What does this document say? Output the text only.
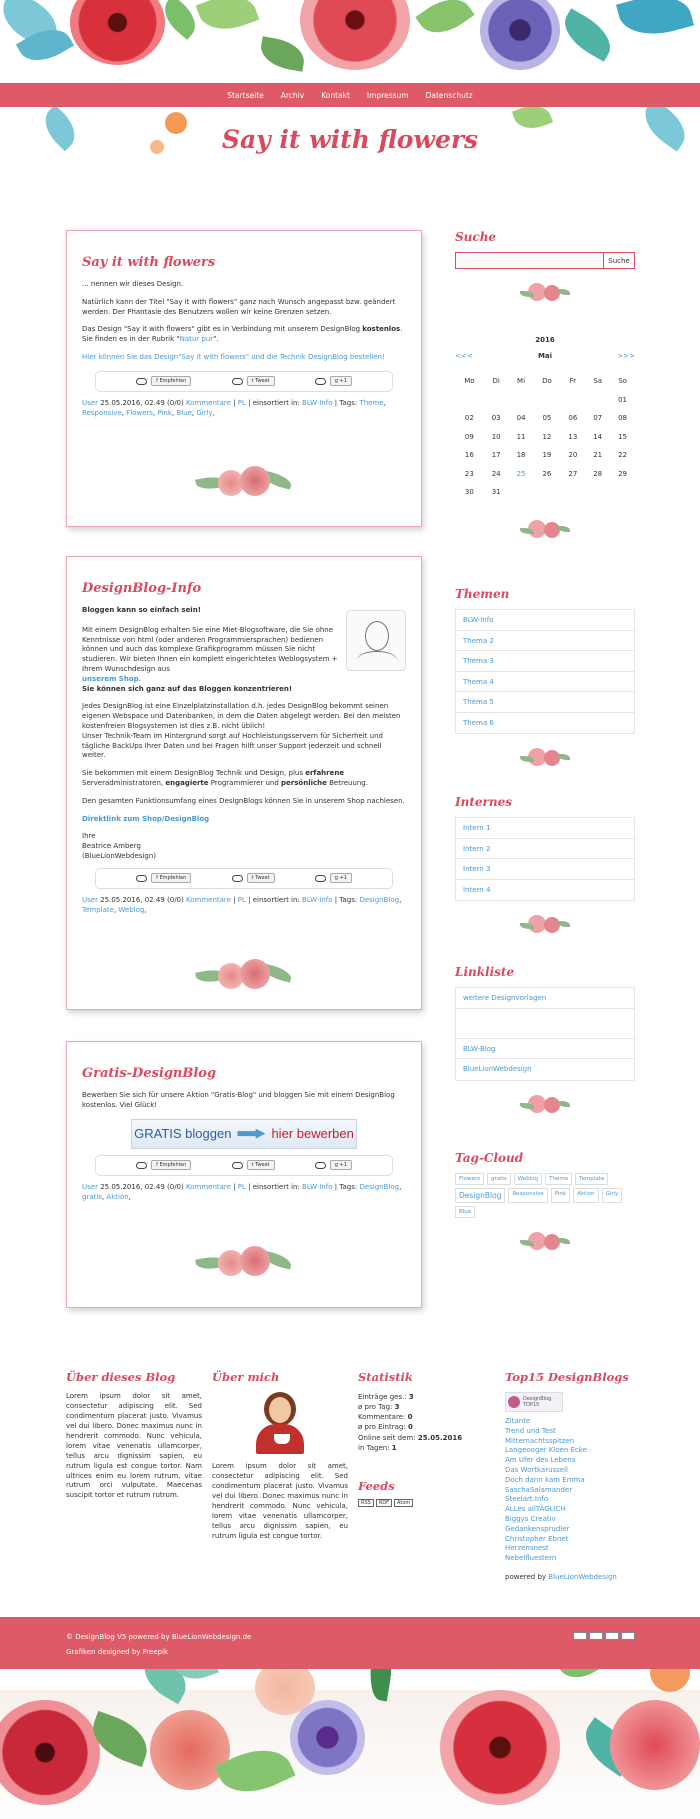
Startseite Archiv Kontakt Impressum Datenschutz
Say it with flowers
Say it with flowers

... nennen wir dieses Design.

Natürlich kann der Titel "Say it with flowers" ganz nach Wunsch angepasst bzw. geändert werden. Der Phantasie des Benutzers wollen wir keine Grenzen setzen.

Das Design "Say it with flowers" gibt es in Verbindung mit unserem DesignBlog kostenlos. Sie finden es in der Rubrik "Natur pur".

Hier können Sie das Design"Say it with flowers" und die Technik DesignBlog bestellen!

f Empfehlen	t Tweet	g +1
User 25.05.2016, 02.49 (0/0) Kommentare | PL | einsortiert in: BLW-Info | Tags: Theme, Responsive, Flowers, Pink, Blue, Girly,
DesignBlog-Info

Bloggen kann so einfach sein!

Mit einem DesignBlog erhalten Sie eine Miet-Blogsoftware, die Sie ohne Kenntnisse von html (oder anderen Programmiersprachen) bedienen können und auch das komplexe Grafikprogramm müssen Sie nicht studieren. Wir bieten Ihnen ein komplett eingerichtetes Weblogsystem + Ihrem Wunschdesign aus
unserem Shop.

Sie können sich ganz auf das Bloggen konzentrieren!

Jedes DesignBlog ist eine Einzelplatzinstallation d.h. jedes DesignBlog bekommt seinen eigenen Webspace und Datenbanken, in dem die Daten abgelegt werden. Bei den meisten kostenfreien Blogsystemen ist dies z.B. nicht üblich!

Unser Technik-Team im Hintergrund sorgt auf Hochleistungsservern für Sicherheit und tägliche BackUps Ihrer Daten und bei Fragen hilft unser Support jederzeit und schnell weiter.

Sie bekommen mit einem DesignBlog Technik und Design, plus erfahrene Serveradministratoren, engagierte Programmierer und persönliche Betreuung.

Den gesamten Funktionsumfang eines DesignBlogs können Sie in unserem Shop nachlesen.

Direktlink zum Shop/DesignBlog

Ihre
Beatrice Amberg
(BlueLionWebdesign)

f Empfehlen	t Tweet	g +1
User 25.05.2016, 02.49 (0/0) Kommentare | PL | einsortiert in: BLW-Info | Tags: DesignBlog, Template, Weblog,
Gratis-DesignBlog

Bewerben Sie sich für unsere Aktion "Gratis-Blog" und bloggen Sie mit einem DesignBlog kostenlos. Viel Glück!

GRATIS bloggen	hier bewerben
f Empfehlen	t Tweet	g +1
User 25.05.2016, 02.49 (0/0) Kommentare | PL | einsortiert in: BLW-Info | Tags: DesignBlog, gratis, Aktion,
Suche
Suche
2016
<<<	Mai	>>>
Mo	Di	Mi	Do	Fr	Sa	So
						01
02	03	04	05	06	07	08
09	10	11	12	13	14	15
16	17	18	19	20	21	22
23	24	25	26	27	28	29
30	31					
Themen
BLW-Info
Thema 2
Thema 3
Thema 4
Thema 5
Thema 6
Internes
Intern 1
Intern 2
Intern 3
Intern 4
Linkliste
weitere Designvorlagen
BLW-Blog
BlueLionWebdesign
Tag-Cloud
Flowers	gratis	Weblog	Theme	Template
DesignBlog	Responsive	Pink	Aktion	Girly
Blue
Über dieses Blog

Lorem ipsum dolor sit amet, consectetur adipiscing elit. Sed condimentum placerat justo. Vivamus vel dui libero. Donec maximus nunc in hendrerit commodo. Nunc vehicula, lorem vitae venenatis ullamcorper, tellus arcu dignissim sapien, eu rutrum ligula est congue tortor. Nam ultrices enim eu lorem rutrum, vitae rutrum orci vulputate. Maecenas suscipit tortor et rutrum rutrum.

Über mich

Lorem ipsum dolor sit amet, consectetur adipiscing elit. Sed condimentum placerat justo. Vivamus vel dui libero. Donec maximus nunc in hendrerit commodo. Nunc vehicula, lorem vitae venenatis ullamcorper, tellus arcu dignissim sapien, eu rutrum ligula est congue tortor.

Statistik
Einträge ges.: 3
ø pro Tag: 3
Kommentare: 0
ø pro Eintrag: 0
Online seit dem: 25.05.2016
in Tagen: 1
Feeds
RSS	RDF	Atom
Top15 DesignBlogs
DesignBlog
TOP15
Zitante
Trend und Test
Mitternachtsspitzen
Langeooger Kloen Ecke
Am Ufer des Lebens
Das Wortkarussell
Doch dann kam Emma
SaschaSalamander
Steelart.Info
ALLes allTÄGLICH
Biggys Creativ
Gedankensprudler
Christopher Ebnet
Herzensnest
Nebelfluestern
powered by BlueLionWebdesign
© DesignBlog V5 powered by BlueLionWebdesign.de
Grafiken designed by Freepik
